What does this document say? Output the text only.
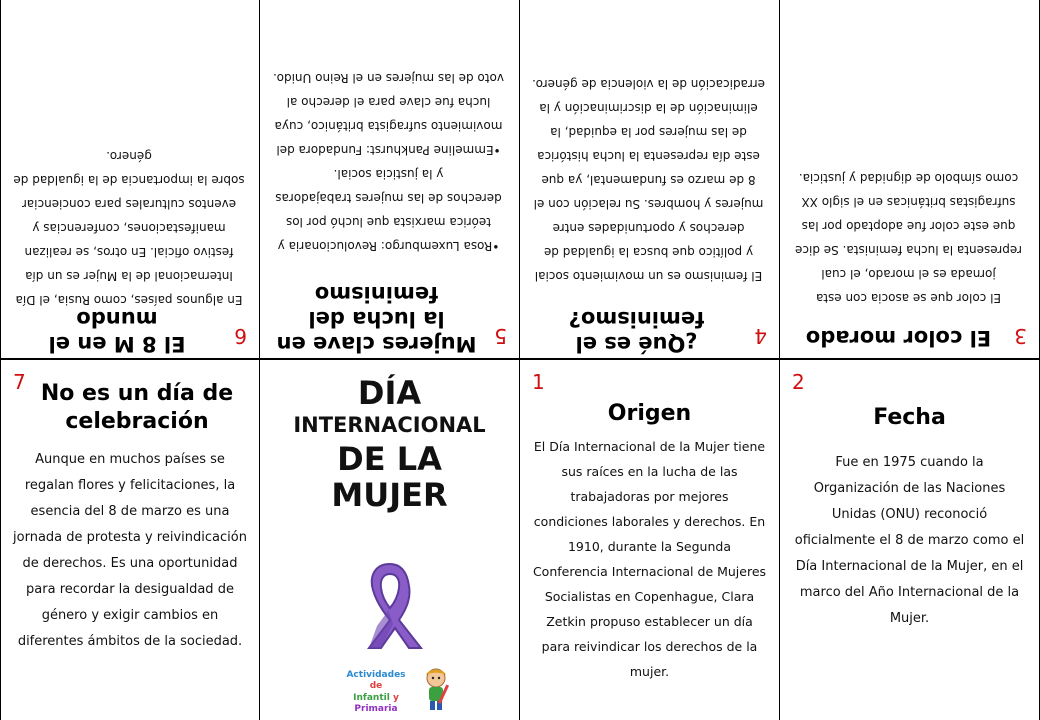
6
El 8 M en el mundo
En algunos países, como Rusia, el Día Internacional de la Mujer es un día festivo oficial. En otros, se realizan manifestaciones, conferencias y eventos culturales para concienciar sobre la importancia de la igualdad de género.
5
Mujeres clave en la lucha del feminismo
•Rosa Luxemburgo: Revolucionaria y teórica marxista que luchó por los derechos de las mujeres trabajadoras y la justicia social.
•Emmeline Pankhurst: Fundadora del movimiento sufragista británico, cuya lucha fue clave para el derecho al voto de las mujeres en el Reino Unido.
4
¿Qué es el feminismo?
El feminismo es un movimiento social y político que busca la igualdad de derechos y oportunidades entre mujeres y hombres. Su relación con el 8 de marzo es fundamental, ya que este día representa la lucha histórica de las mujeres por la equidad, la eliminación de la discriminación y la erradicación de la violencia de género.
3
El color morado
El color que se asocia con esta jornada es el morado, el cual representa la lucha feminista. Se dice que este color fue adoptado por las sufragistas británicas en el siglo XX como símbolo de dignidad y justicia.
7 No es un día de celebración
Aunque en muchos países se regalan flores y felicitaciones, la esencia del 8 de marzo es una jornada de protesta y reivindicación de derechos. Es una oportunidad para recordar la desigualdad de género y exigir cambios en diferentes ámbitos de la sociedad.
DÍA
INTERNACIONAL
DE LA
MUJER
Actividades
de
Infantil y Primaria
1
Origen
El Día Internacional de la Mujer tiene sus raíces en la lucha de las trabajadoras por mejores condiciones laborales y derechos. En 1910, durante la Segunda Conferencia Internacional de Mujeres Socialistas en Copenhague, Clara Zetkin propuso establecer un día para reivindicar los derechos de la mujer.
2
Fecha
Fue en 1975 cuando la Organización de las Naciones Unidas (ONU) reconoció oficialmente el 8 de marzo como el Día Internacional de la Mujer, en el marco del Año Internacional de la Mujer.
